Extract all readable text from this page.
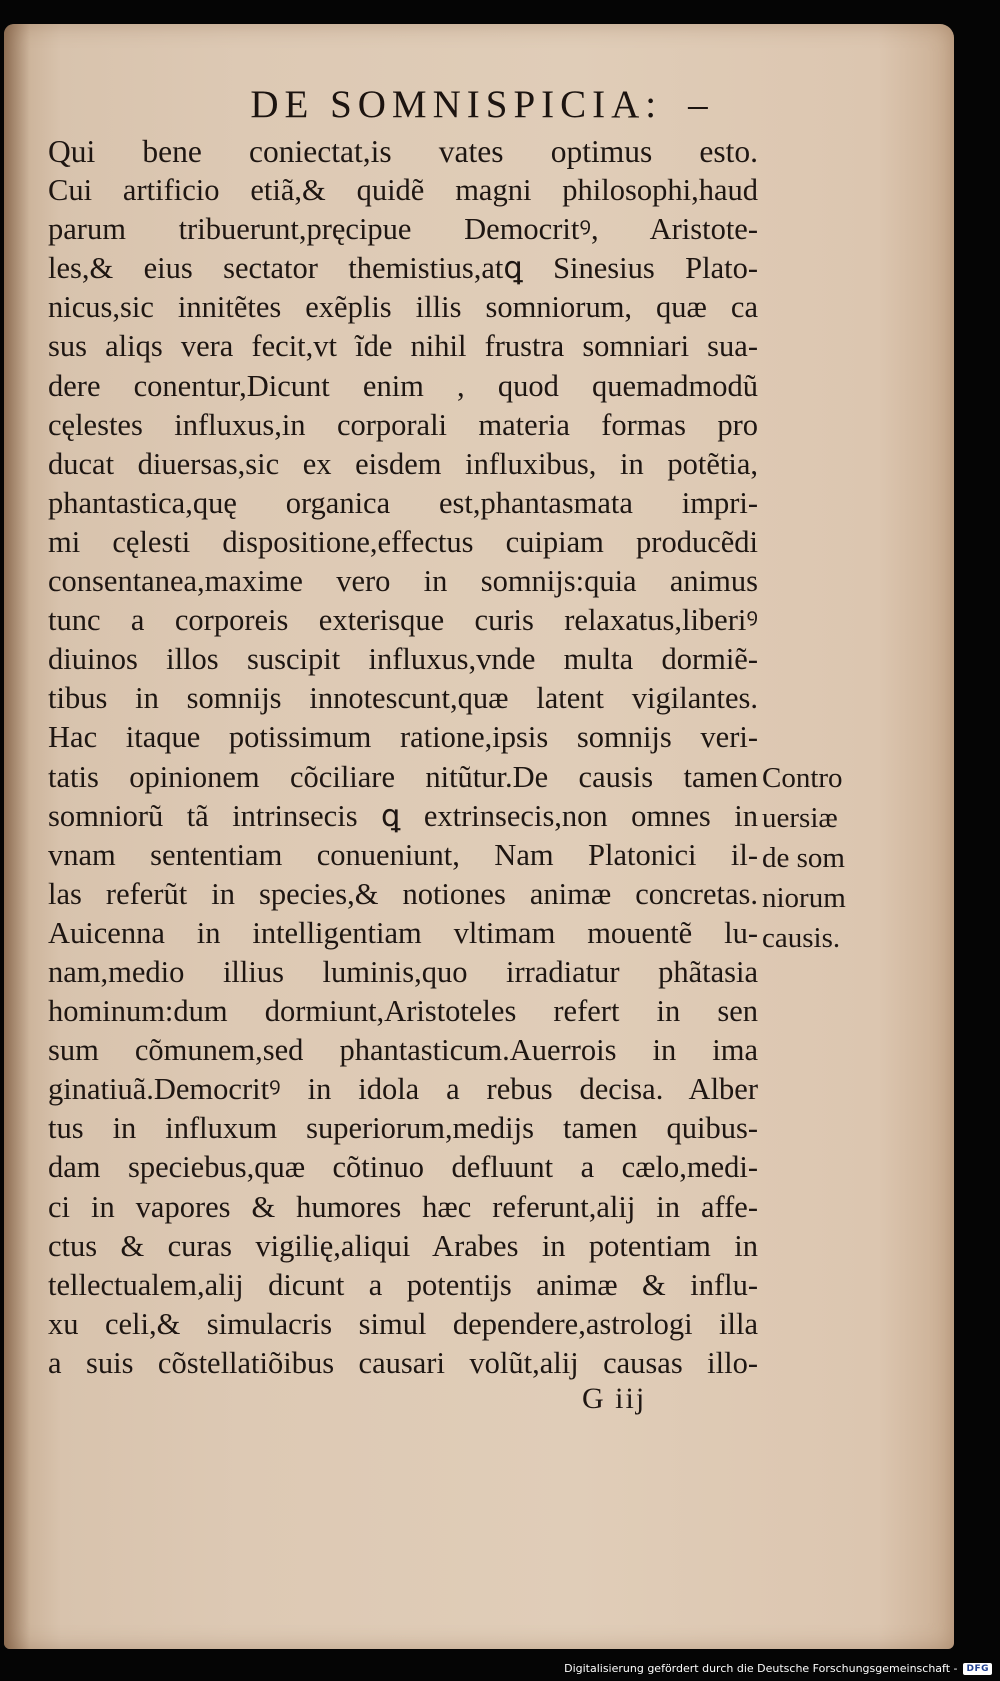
DE SOMNISPICIA: –
Qui bene coniectat,is vates optimus esto.
Cui artificio etiã,& quidẽ magni philosophi,haud
parum tribuerunt,pręcipue Democritꝰ, Aristote-
les,& eius sectator themistius,atꝗ Sinesius Plato-
nicus,sic innitẽtes exẽplis illis somniorum, quæ ca
sus aliqs vera fecit,vt ĩde nihil frustra somniari sua-
dere conentur,Dicunt enim , quod quemadmodũ
cęlestes influxus,in corporali materia formas pro
ducat diuersas,sic ex eisdem influxibus, in potẽtia,
phantastica,quę organica est,phantasmata impri-
mi cęlesti dispositione,effectus cuipiam producẽdi
consentanea,maxime vero in somnijs:quia animus
tunc a corporeis exterisque curis relaxatus,liberiꝰ
diuinos illos suscipit influxus,vnde multa dormiẽ-
tibus in somnijs innotescunt,quæ latent vigilantes.
Hac itaque potissimum ratione,ipsis somnijs veri-
tatis opinionem cõciliare nitũtur.De causis tamen
somniorũ tã intrinsecis ꝗ extrinsecis,non omnes in
vnam sententiam conueniunt, Nam Platonici il-
las referũt in species,& notiones animæ concretas.
Auicenna in intelligentiam vltimam mouentẽ lu-
nam,medio illius luminis,quo irradiatur phãtasia
hominum:dum dormiunt,Aristoteles refert in sen
sum cõmunem,sed phantasticum.Auerrois in ima
ginatiuã.Democritꝰ in idola a rebus decisa. Alber
tus in influxum superiorum,medijs tamen quibus-
dam speciebus,quæ cõtinuo defluunt a cælo,medi-
ci in vapores & humores hæc referunt,alij in affe-
ctus & curas vigilię,aliqui Arabes in potentiam in
tellectualem,alij dicunt a potentijs animæ & influ-
xu celi,& simulacris simul dependere,astrologi illa
a suis cõstellatiõibus causari volũt,alij causas illo-
Contro
uersiæ
de som
niorum
causis.
G iij
Digitalisierung gefördert durch die Deutsche Forschungsgemeinschaft -	DFG
